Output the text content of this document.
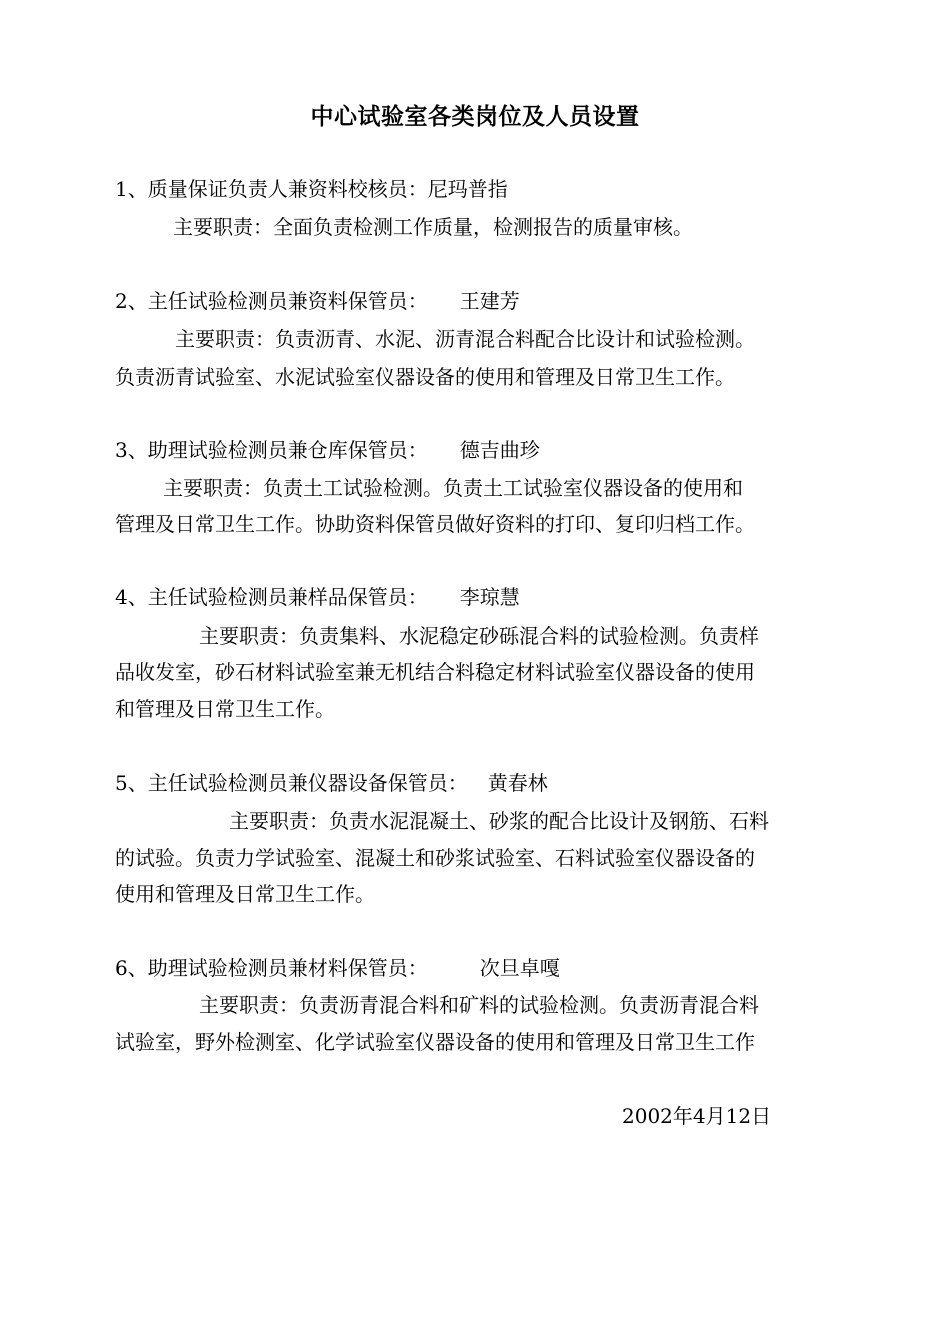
中心试验室各类岗位及人员设置
1、质量保证负责人兼资料校核员：尼玛普指
主要职责：全面负责检测工作质量，检测报告的质量审核。
2、主任试验检测员兼资料保管员： 王建芳
主要职责：负责沥青、水泥、沥青混合料配合比设计和试验检测。
负责沥青试验室、水泥试验室仪器设备的使用和管理及日常卫生工作。
3、助理试验检测员兼仓库保管员： 德吉曲珍
主要职责：负责土工试验检测。负责土工试验室仪器设备的使用和
管理及日常卫生工作。协助资料保管员做好资料的打印、复印归档工作。
4、主任试验检测员兼样品保管员： 李琼慧
主要职责：负责集料、水泥稳定砂砾混合料的试验检测。负责样
品收发室，砂石材料试验室兼无机结合料稳定材料试验室仪器设备的使用
和管理及日常卫生工作。
5、主任试验检测员兼仪器设备保管员： 黄春林
主要职责：负责水泥混凝土、砂浆的配合比设计及钢筋、石料
的试验。负责力学试验室、混凝土和砂浆试验室、石料试验室仪器设备的
使用和管理及日常卫生工作。
6、助理试验检测员兼材料保管员：	次旦卓嘎
主要职责：负责沥青混合料和矿料的试验检测。负责沥青混合料
试验室，野外检测室、化学试验室仪器设备的使用和管理及日常卫生工作
2002年4月12日
